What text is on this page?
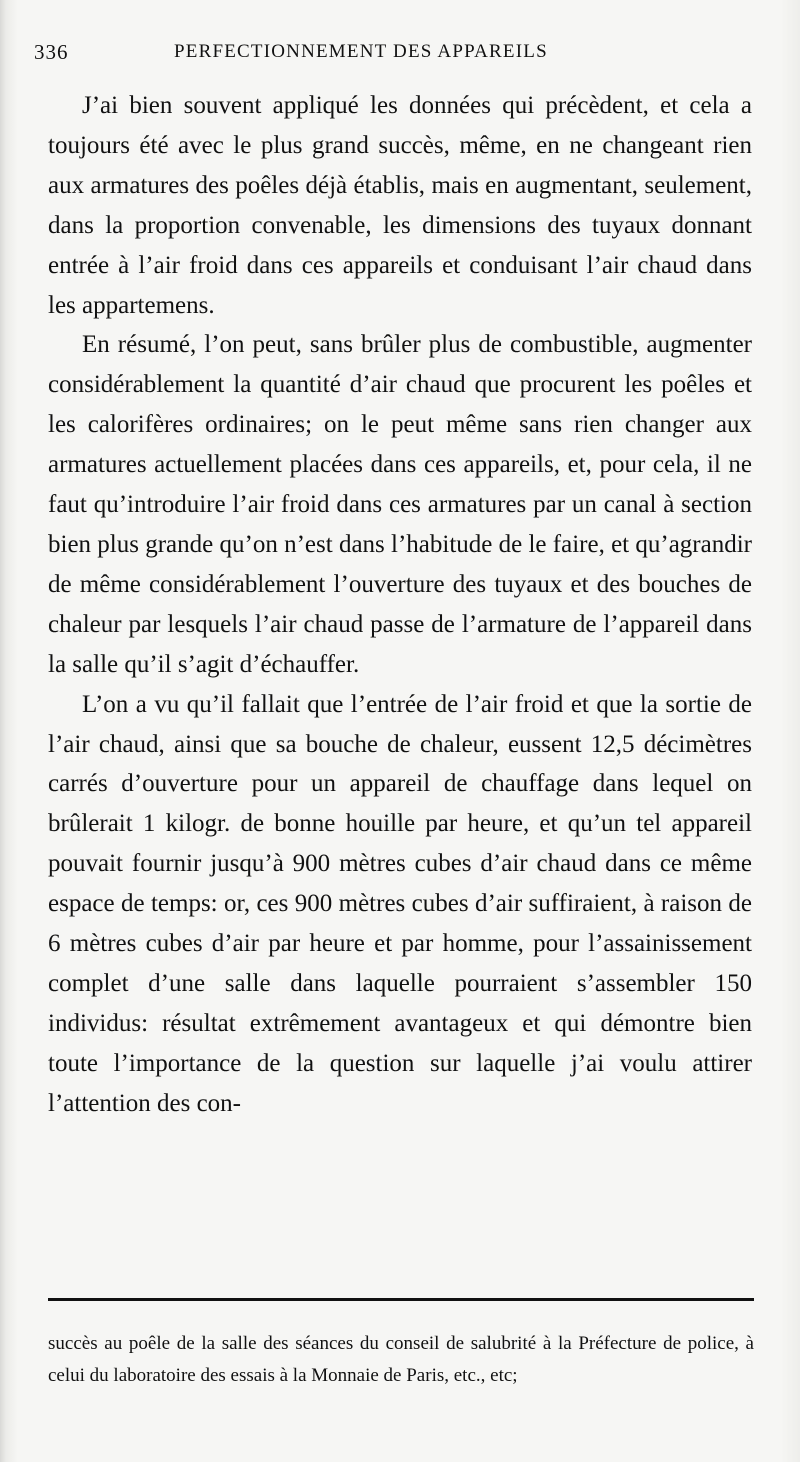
336	PERFECTIONNEMENT DES APPAREILS

J’ai bien souvent appliqué les données qui précèdent, et cela a toujours été avec le plus grand succès, même, en ne changeant rien aux armatures des poêles déjà établis, mais en augmentant, seulement, dans la proportion convenable, les dimensions des tuyaux donnant entrée à l’air froid dans ces appareils et conduisant l’air chaud dans les appartemens.

En résumé, l’on peut, sans brûler plus de combustible, augmenter considérablement la quantité d’air chaud que procurent les poêles et les calorifères ordinaires; on le peut même sans rien changer aux armatures actuellement placées dans ces appareils, et, pour cela, il ne faut qu’introduire l’air froid dans ces armatures par un canal à section bien plus grande qu’on n’est dans l’habitude de le faire, et qu’agrandir de même considérablement l’ouverture des tuyaux et des bouches de chaleur par lesquels l’air chaud passe de l’armature de l’appareil dans la salle qu’il s’agit d’échauffer.

L’on a vu qu’il fallait que l’entrée de l’air froid et que la sortie de l’air chaud, ainsi que sa bouche de chaleur, eussent 12,5 décimètres carrés d’ouverture pour un appareil de chauffage dans lequel on brûlerait 1 kilogr. de bonne houille par heure, et qu’un tel appareil pouvait fournir jusqu’à 900 mètres cubes d’air chaud dans ce même espace de temps: or, ces 900 mètres cubes d’air suffiraient, à raison de 6 mètres cubes d’air par heure et par homme, pour l’assainissement complet d’une salle dans laquelle pourraient s’assembler 150 individus: résultat extrêmement avantageux et qui démontre bien toute l’importance de la question sur laquelle j’ai voulu attirer l’attention des con-

succès au poêle de la salle des séances du conseil de salubrité à la Préfecture de police, à celui du laboratoire des essais à la Monnaie de Paris, etc., etc;
